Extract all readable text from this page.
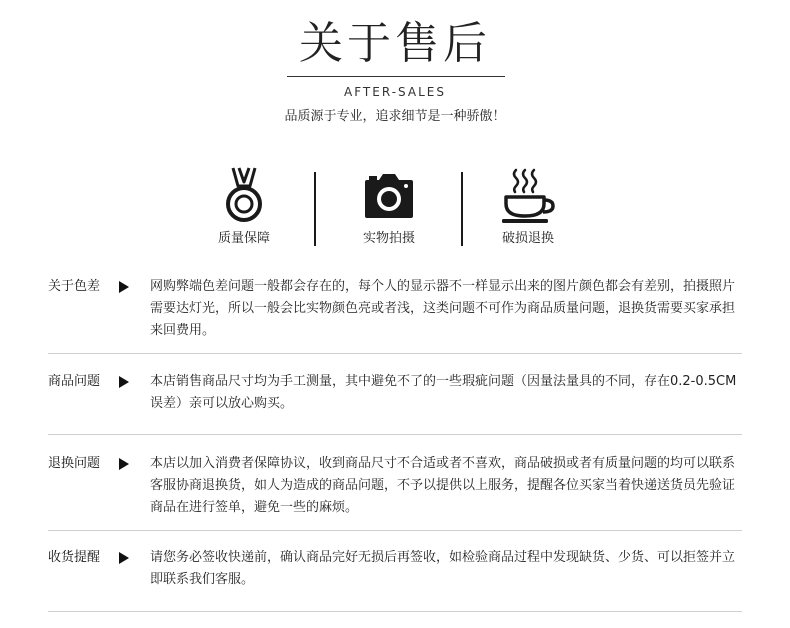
关于售后
AFTER-SALES
品质源于专业，追求细节是一种骄傲！
质量保障	实物拍摄	破损退换
关于色差	网购弊端色差问题一般都会存在的，每个人的显示器不一样显示出来的图片颜色都会有差别，拍摄照片需要达灯光，所以一般会比实物颜色亮或者浅，这类问题不可作为商品质量问题，退换货需要买家承担来回费用。
商品问题	本店销售商品尺寸均为手工测量，其中避免不了的一些瑕疵问题（因量法量具的不同，存在0.2-0.5CM误差）亲可以放心购买。
退换问题	本店以加入消费者保障协议，收到商品尺寸不合适或者不喜欢，商品破损或者有质量问题的均可以联系客服协商退换货，如人为造成的商品问题，不予以提供以上服务，提醒各位买家当着快递送货员先验证商品在进行签单，避免一些的麻烦。
收货提醒	请您务必签收快递前，确认商品完好无损后再签收，如检验商品过程中发现缺货、少货、可以拒签并立即联系我们客服。
